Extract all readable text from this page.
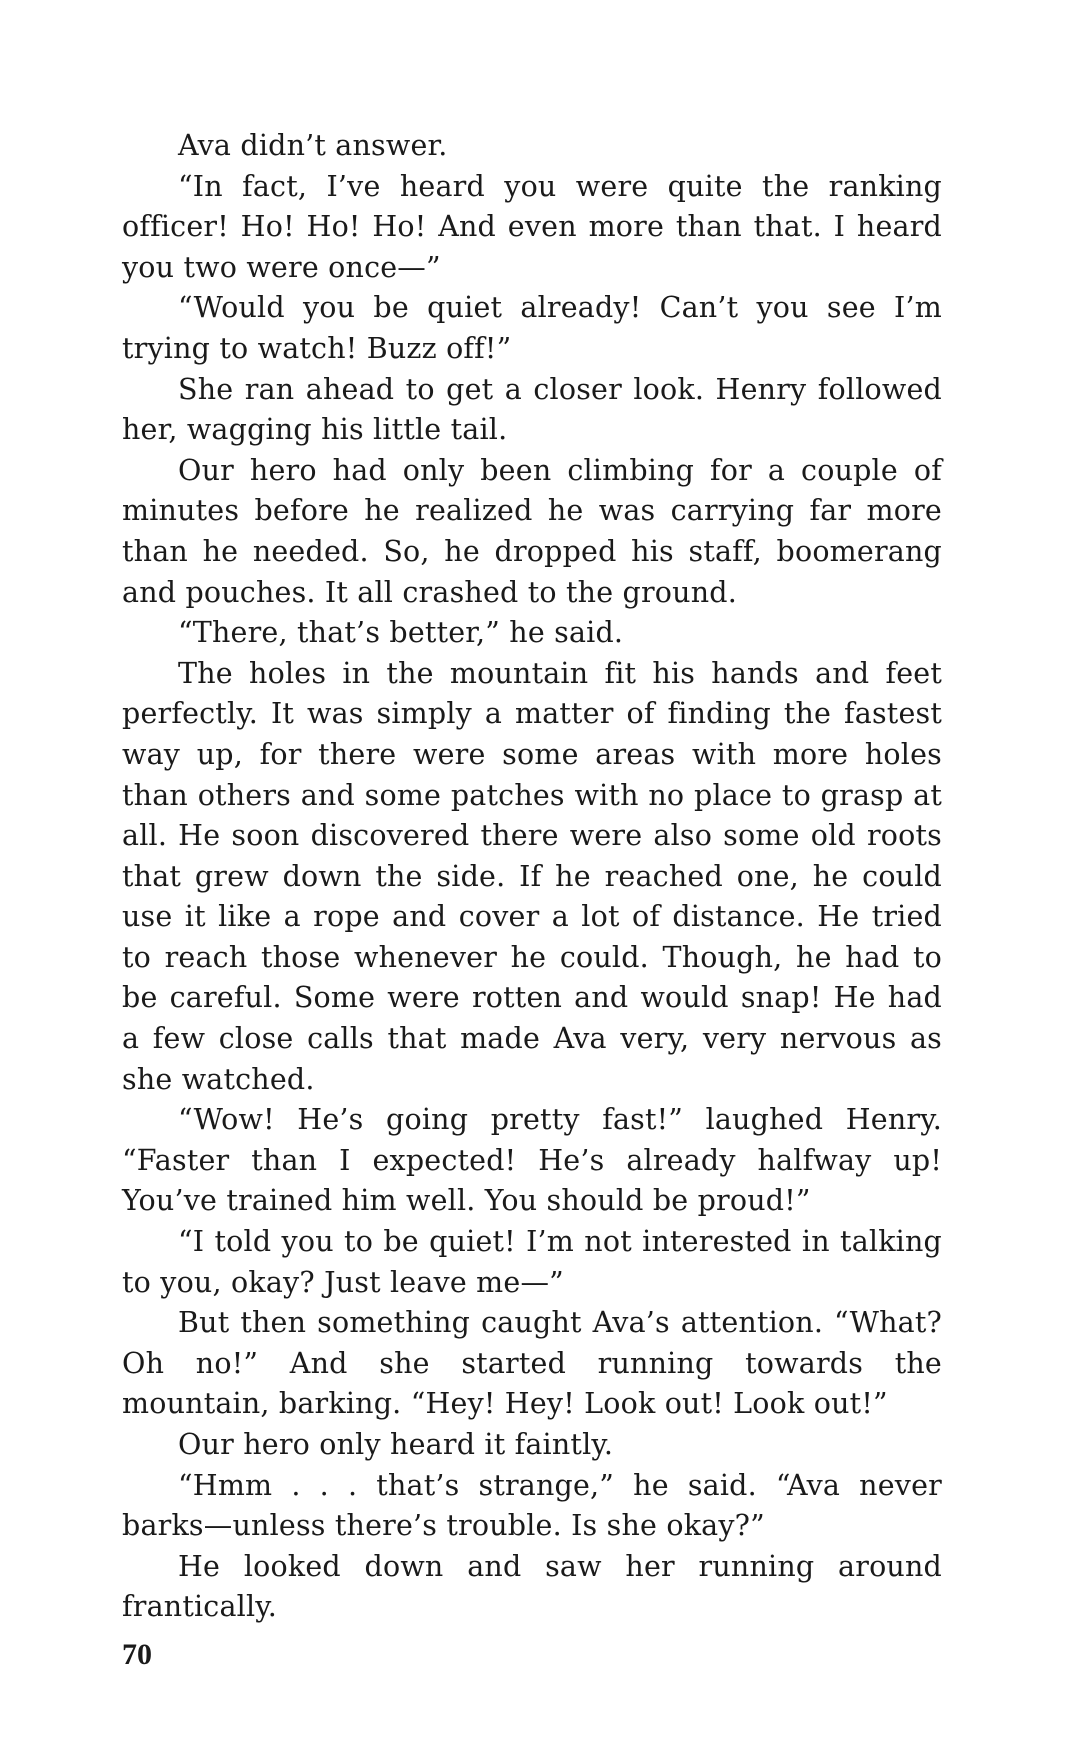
Ava didn’t answer.

“In fact, I’ve heard you were quite the ranking officer! Ho! Ho! Ho! And even more than that. I heard you two were once—”

“Would you be quiet already! Can’t you see I’m trying to watch! Buzz off!”

She ran ahead to get a closer look. Henry followed her, wagging his little tail.

Our hero had only been climbing for a couple of minutes before he realized he was carrying far more than he needed. So, he dropped his staff, boomerang and pouches. It all crashed to the ground.

“There, that’s better,” he said.

The holes in the mountain fit his hands and feet perfectly. It was simply a matter of finding the fastest way up, for there were some areas with more holes than others and some patches with no place to grasp at all. He soon discovered there were also some old roots that grew down the side. If he reached one, he could use it like a rope and cover a lot of distance. He tried to reach those whenever he could. Though, he had to be careful. Some were rotten and would snap! He had a few close calls that made Ava very, very nervous as she watched.

“Wow! He’s going pretty fast!” laughed Henry. “Faster than I expected! He’s already halfway up! You’ve trained him well. You should be proud!”

“I told you to be quiet! I’m not interested in talking to you, okay? Just leave me—”

But then something caught Ava’s attention. “What? Oh no!” And she started running towards the mountain, barking. “Hey! Hey! Look out! Look out!”

Our hero only heard it faintly.

“Hmm . . . that’s strange,” he said. “Ava never barks—unless there’s trouble. Is she okay?”

He looked down and saw her running around frantically.

70
